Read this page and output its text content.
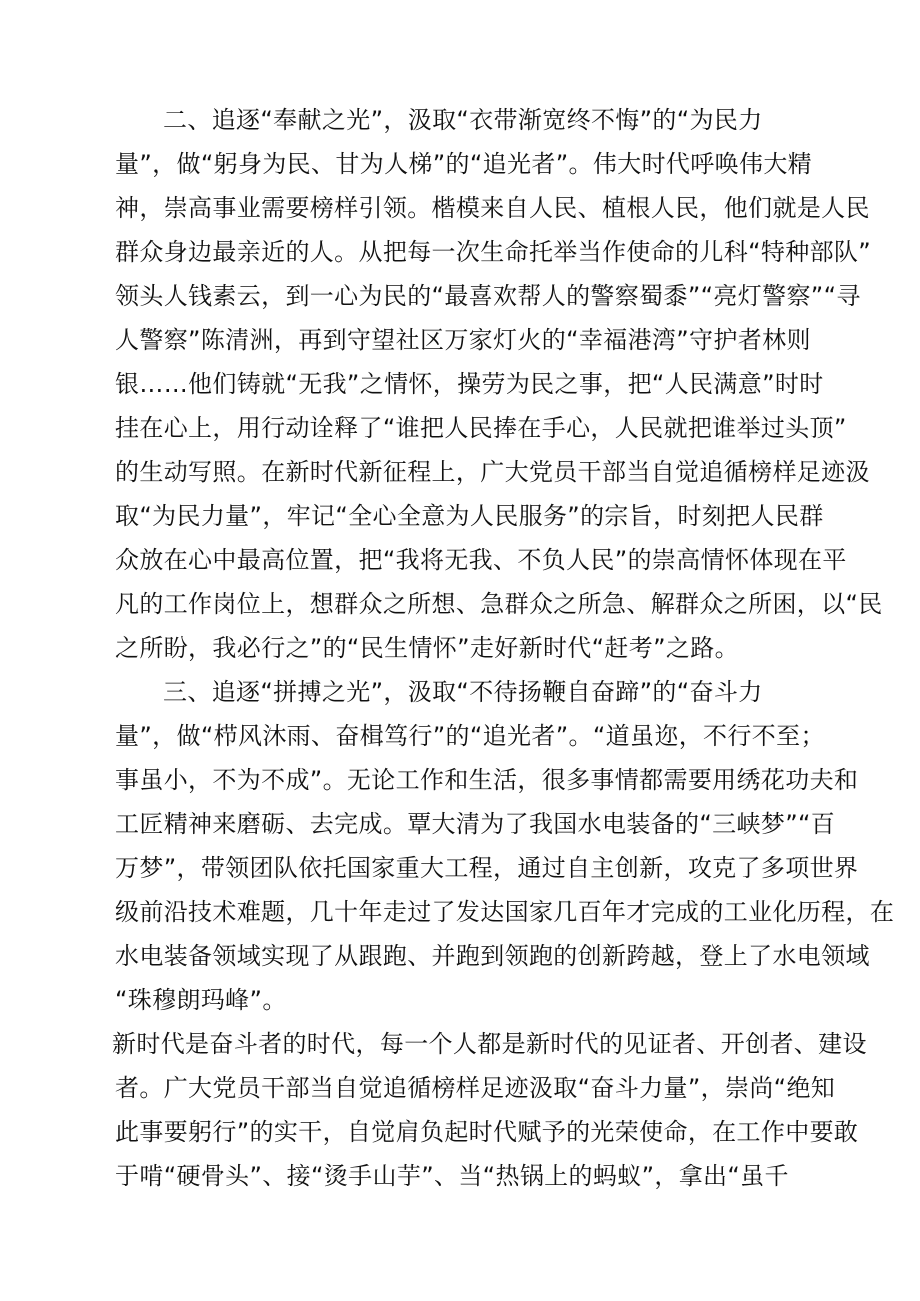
二、追逐“奉献之光”，汲取“衣带渐宽终不悔”的“为民力
量”，做“躬身为民、甘为人梯”的“追光者”。伟大时代呼唤伟大精
神，崇高事业需要榜样引领。楷模来自人民、植根人民，他们就是人民
群众身边最亲近的人。从把每一次生命托举当作使命的儿科“特种部队”
领头人钱素云，到一心为民的“最喜欢帮人的警察蜀黍”“亮灯警察”“寻
人警察”陈清洲，再到守望社区万家灯火的“幸福港湾”守护者林则
银……他们铸就“无我”之情怀，操劳为民之事，把“人民满意”时时
挂在心上，用行动诠释了“谁把人民捧在手心，人民就把谁举过头顶”
的生动写照。在新时代新征程上，广大党员干部当自觉追循榜样足迹汲
取“为民力量”，牢记“全心全意为人民服务”的宗旨，时刻把人民群
众放在心中最高位置，把“我将无我、不负人民”的崇高情怀体现在平
凡的工作岗位上，想群众之所想、急群众之所急、解群众之所困，以“民
之所盼，我必行之”的“民生情怀”走好新时代“赶考”之路。
三、追逐“拼搏之光”，汲取“不待扬鞭自奋蹄”的“奋斗力
量”，做“栉风沐雨、奋楫笃行”的“追光者”。“道虽迩，不行不至；
事虽小，不为不成”。无论工作和生活，很多事情都需要用绣花功夫和
工匠精神来磨砺、去完成。覃大清为了我国水电装备的“三峡梦”“百
万梦”，带领团队依托国家重大工程，通过自主创新，攻克了多项世界
级前沿技术难题，几十年走过了发达国家几百年才完成的工业化历程，在
水电装备领域实现了从跟跑、并跑到领跑的创新跨越，登上了水电领域
“珠穆朗玛峰”。
新时代是奋斗者的时代，每一个人都是新时代的见证者、开创者、建设
者。广大党员干部当自觉追循榜样足迹汲取“奋斗力量”，崇尚“绝知
此事要躬行”的实干，自觉肩负起时代赋予的光荣使命，在工作中要敢
于啃“硬骨头”、接“烫手山芋”、当“热锅上的蚂蚁”，拿出“虽千
